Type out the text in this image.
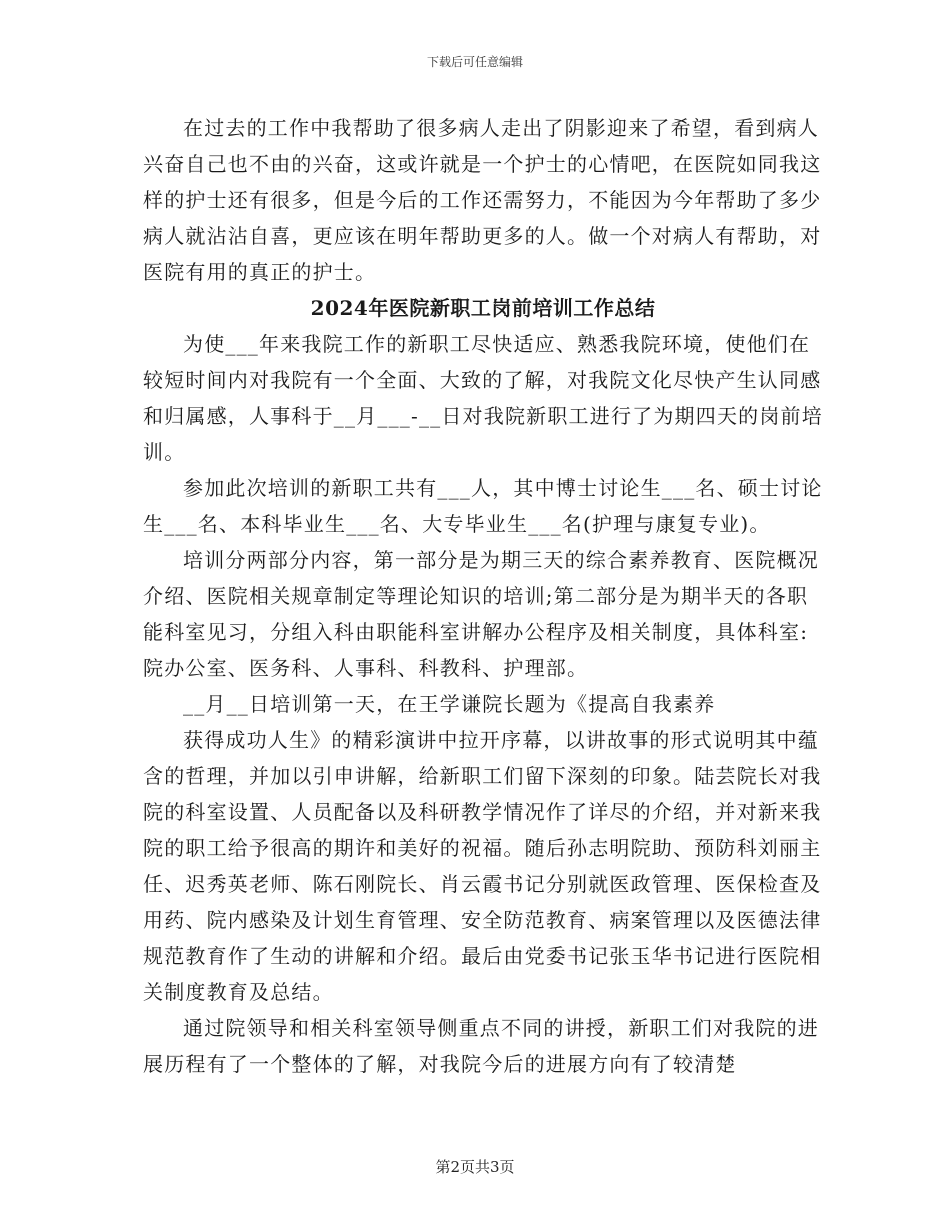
下载后可任意编辑

在过去的工作中我帮助了很多病人走出了阴影迎来了希望，看到病人兴奋自己也不由的兴奋，这或许就是一个护士的心情吧，在医院如同我这样的护士还有很多，但是今后的工作还需努力，不能因为今年帮助了多少病人就沾沾自喜，更应该在明年帮助更多的人。做一个对病人有帮助，对医院有用的真正的护士。

2024年医院新职工岗前培训工作总结

为使___年来我院工作的新职工尽快适应、熟悉我院环境，使他们在较短时间内对我院有一个全面、大致的了解，对我院文化尽快产生认同感和归属感，人事科于__月___-__日对我院新职工进行了为期四天的岗前培训。

参加此次培训的新职工共有___人，其中博士讨论生___名、硕士讨论生___名、本科毕业生___名、大专毕业生___名(护理与康复专业)。

培训分两部分内容，第一部分是为期三天的综合素养教育、医院概况介绍、医院相关规章制定等理论知识的培训;第二部分是为期半天的各职能科室见习，分组入科由职能科室讲解办公程序及相关制度，具体科室:院办公室、医务科、人事科、科教科、护理部。

__月__日培训第一天，在王学谦院长题为《提高自我素养

获得成功人生》的精彩演讲中拉开序幕，以讲故事的形式说明其中蕴含的哲理，并加以引申讲解，给新职工们留下深刻的印象。陆芸院长对我院的科室设置、人员配备以及科研教学情况作了详尽的介绍，并对新来我院的职工给予很高的期许和美好的祝福。随后孙志明院助、预防科刘丽主任、迟秀英老师、陈石刚院长、肖云霞书记分别就医政管理、医保检查及用药、院内感染及计划生育管理、安全防范教育、病案管理以及医德法律规范教育作了生动的讲解和介绍。最后由党委书记张玉华书记进行医院相关制度教育及总结。

通过院领导和相关科室领导侧重点不同的讲授，新职工们对我院的进展历程有了一个整体的了解，对我院今后的进展方向有了较清楚

第2页共3页
